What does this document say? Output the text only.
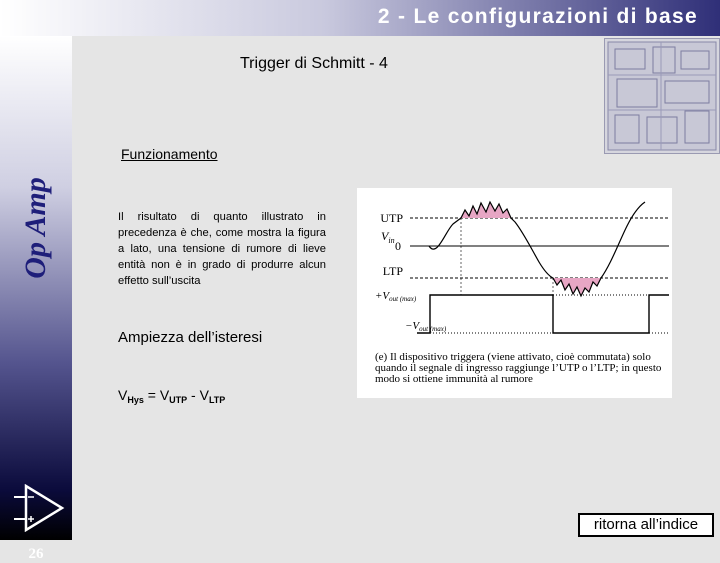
2 - Le configurazioni di base
Op Amp
26
Trigger di Schmitt - 4
Funzionamento
Il risultato di quanto illustrato in precedenza è che, come mostra la figura a lato, una tensione di rumore di lieve entità non è in grado di produrre alcun effetto sull’uscita
Ampiezza dell’isteresi
$V_{Hys} = V_{UTP} - V_{LTP}$
UTP
$V_{in}$ 0
LTP
+Vout (max)
−Vout (max)
(e) Il dispositivo triggera (viene attivato, cioè commutata) solo quando il segnale di ingresso raggiunge l’UTP o l’LTP; in questo modo si ottiene immunità al rumore
ritorna all’indice
